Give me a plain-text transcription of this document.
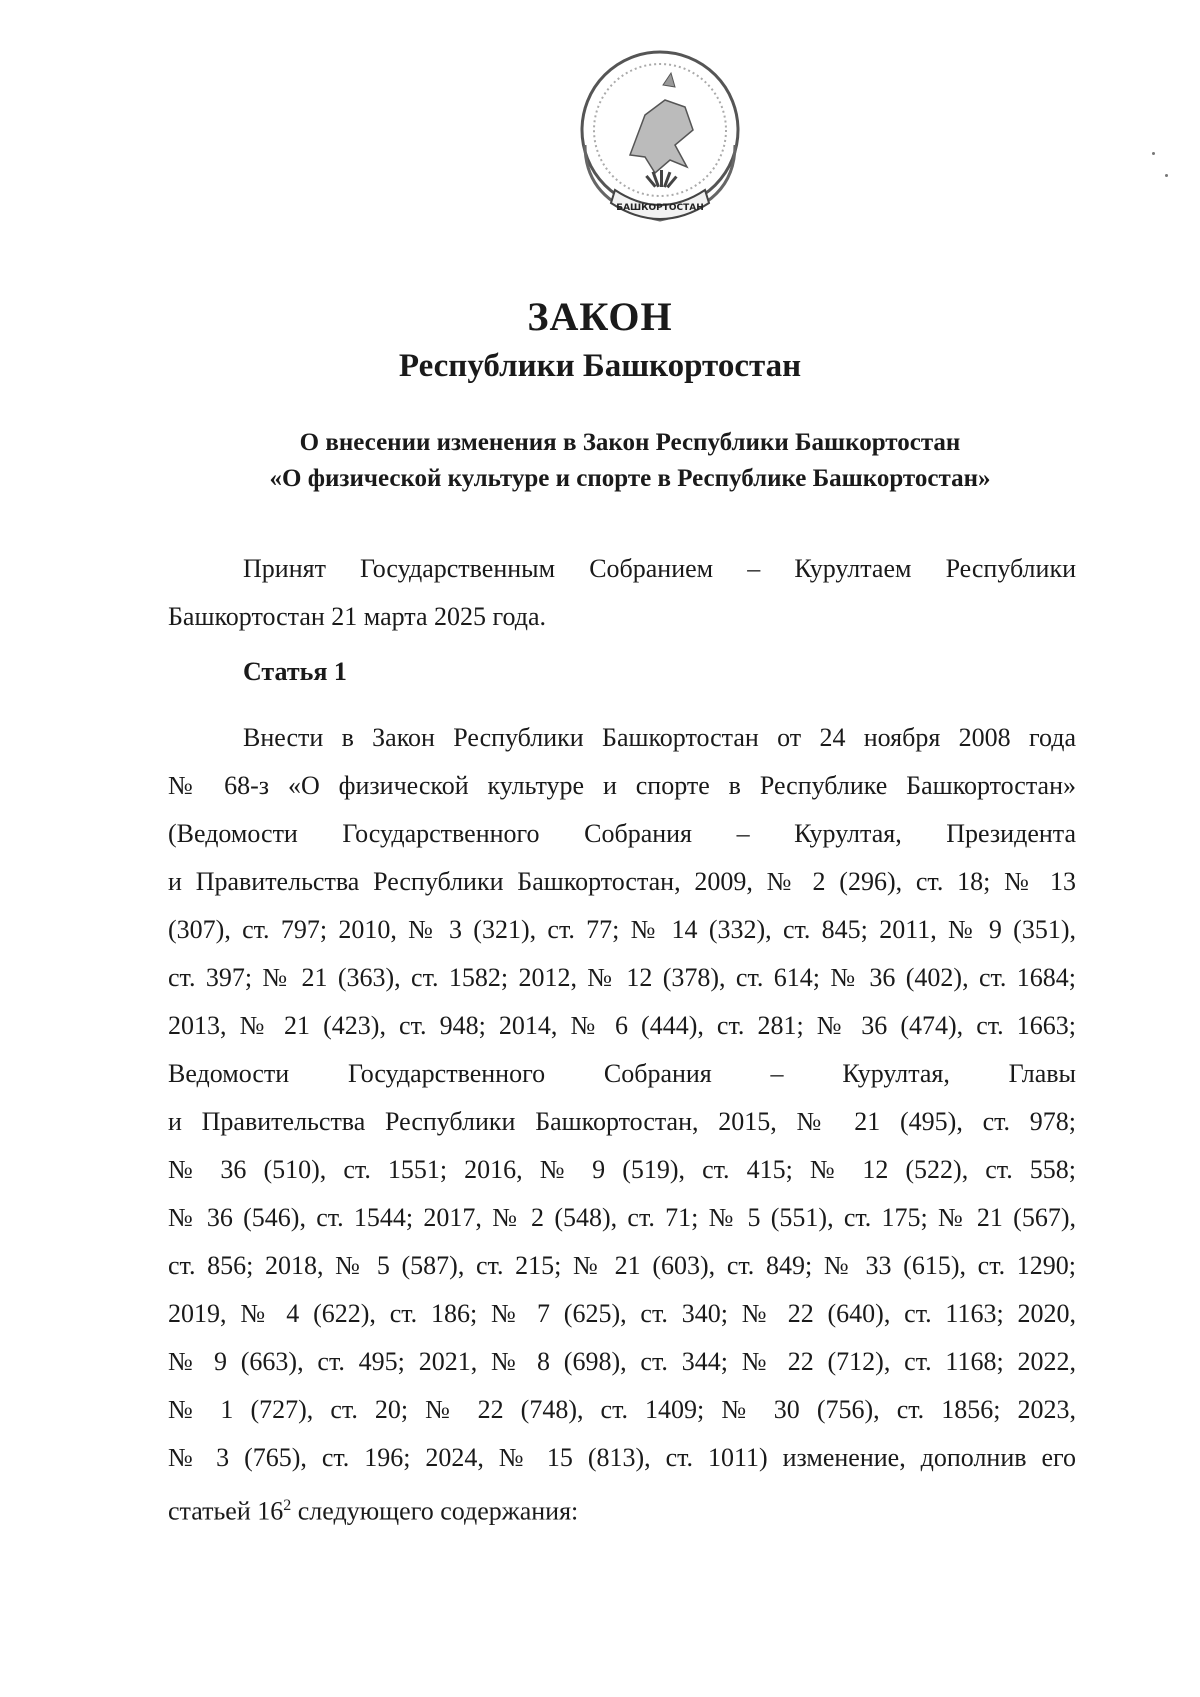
БАШКОРТОСТАН
ЗАКОН
Республики Башкортостан
О внесении изменения в Закон Республики Башкортостан
«О физической культуре и спорте в Республике Башкортостан»
Принят Государственным Собранием – Курултаем Республики
Башкортостан 21 марта 2025 года.
Статья 1
Внести в Закон Республики Башкортостан от 24 ноября 2008 года
№ 68-з «О физической культуре и спорте в Республике Башкортостан»
(Ведомости Государственного Собрания – Курултая, Президента
и Правительства Республики Башкортостан, 2009, № 2 (296), ст. 18; № 13
(307), ст. 797; 2010, № 3 (321), ст. 77; № 14 (332), ст. 845; 2011, № 9 (351),
ст. 397; № 21 (363), ст. 1582; 2012, № 12 (378), ст. 614; № 36 (402), ст. 1684;
2013, № 21 (423), ст. 948; 2014, № 6 (444), ст. 281; № 36 (474), ст. 1663;
Ведомости Государственного Собрания – Курултая, Главы
и Правительства Республики Башкортостан, 2015, № 21 (495), ст. 978;
№ 36 (510), ст. 1551; 2016, № 9 (519), ст. 415; № 12 (522), ст. 558;
№ 36 (546), ст. 1544; 2017, № 2 (548), ст. 71; № 5 (551), ст. 175; № 21 (567),
ст. 856; 2018, № 5 (587), ст. 215; № 21 (603), ст. 849; № 33 (615), ст. 1290;
2019, № 4 (622), ст. 186; № 7 (625), ст. 340; № 22 (640), ст. 1163; 2020,
№ 9 (663), ст. 495; 2021, № 8 (698), ст. 344; № 22 (712), ст. 1168; 2022,
№ 1 (727), ст. 20; № 22 (748), ст. 1409; № 30 (756), ст. 1856; 2023,
№ 3 (765), ст. 196; 2024, № 15 (813), ст. 1011) изменение, дополнив его
статьей $16^2$ следующего содержания:
